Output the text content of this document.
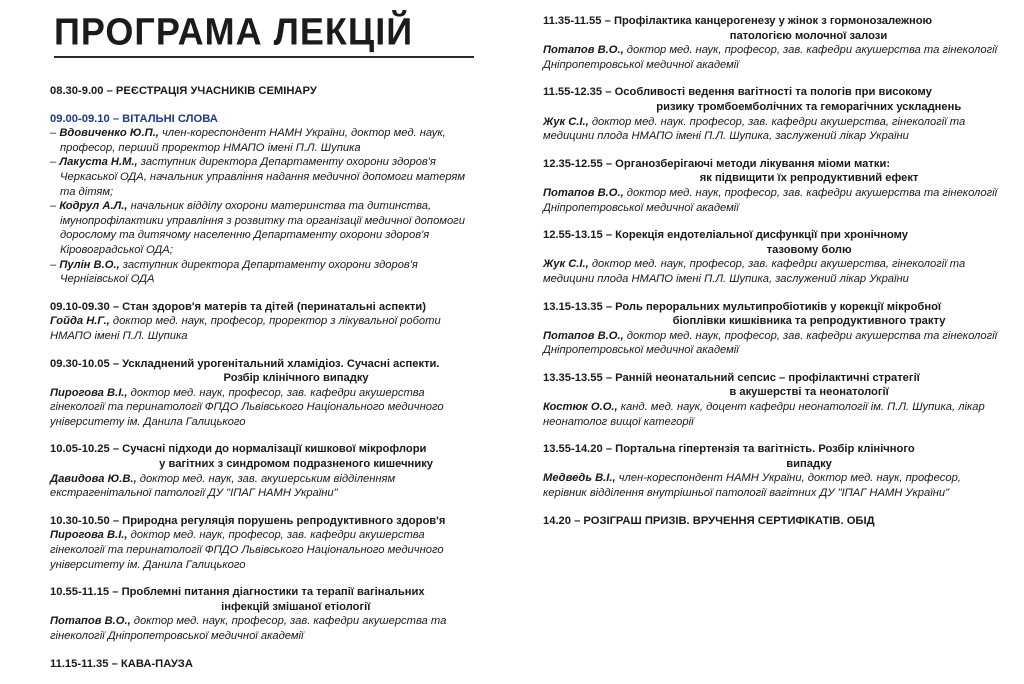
ПРОГРАМА ЛЕКЦІЙ
08.30-9.00 – РЕЄСТРАЦІЯ УЧАСНИКІВ СЕМІНАРУ
09.00-09.10 – ВІТАЛЬНІ СЛОВА
– Вдовиченко Ю.П., член-кореспондент НАМН України, доктор мед. наук, професор, перший проректор НМАПО імені П.Л. Шупика
– Лакуста Н.М., заступник директора Департаменту охорони здоров'я Черкаської ОДА, начальник управління надання медичної допомоги матерям та дітям;
– Кодрул А.Л., начальник відділу охорони материнства та дитинства, імунопрофілактики управління з розвитку та організації медичної допомоги дорослому та дитячому населенню Департаменту охорони здоров'я Кіровоградської ОДА;
– Пулін В.О., заступник директора Департаменту охорони здоров'я Чернігівської ОДА
09.10-09.30 – Стан здоров'я матерів та дітей (перинатальні аспекти)
Гойда Н.Г., доктор мед. наук, професор, проректор з лікувальної роботи НМАПО імені П.Л. Шупика
09.30-10.05 – Ускладнений урогенітальний хламідіоз. Сучасні аспекти.
Розбір клінічного випадку
Пирогова В.І., доктор мед. наук, професор, зав. кафедри акушерства гінекології та перинатології ФПДО Львівського Національного медичного університету ім. Данила Галицького
10.05-10.25 – Сучасні підходи до нормалізації кишкової мікрофлори
у вагітних з синдромом подразненого кишечнику
Давидова Ю.В., доктор мед. наук, зав. акушерським відділенням екстрагенітальної патології ДУ "ІПАГ НАМН України"
10.30-10.50 – Природна регуляція порушень репродуктивного здоров'я
Пирогова В.І., доктор мед. наук, професор, зав. кафедри акушерства гінекології та перинатології ФПДО Львівського Національного медичного університету ім. Данила Галицького
10.55-11.15 – Проблемні питання діагностики та терапії вагінальних
інфекцій змішаної етіології
Потапов В.О., доктор мед. наук, професор, зав. кафедри акушерства та гінекології Дніпропетровської медичної академії
11.15-11.35 – КАВА-ПАУЗА
11.35-11.55 – Профілактика канцерогенезу у жінок з гормонозалежною
патологією молочної залози
Потапов В.О., доктор мед. наук, професор, зав. кафедри акушерства та гінекології Дніпропетровської медичної академії
11.55-12.35 – Особливості ведення вагітності та пологів при високому
ризику тромбоемболічних та геморагічних ускладнень
Жук С.І., доктор мед. наук. професор, зав. кафедри акушерства, гінекології та медицини плода НМАПО імені П.Л. Шупика, заслужений лікар України
12.35-12.55 – Органозберігаючі методи лікування міоми матки:
як підвищити їх репродуктивний ефект
Потапов В.О., доктор мед. наук, професор, зав. кафедри акушерства та гінекології Дніпропетровської медичної академії
12.55-13.15 – Корекція ендотеліальної дисфункції при хронічному
тазовому болю
Жук С.І., доктор мед. наук, професор, зав. кафедри акушерства, гінекології та медицини плода НМАПО імені П.Л. Шупика, заслужений лікар України
13.15-13.35 – Роль перoральних мультипробіотиків у корекції мікробної
біоплівки кишківника та репродуктивного тракту
Потапов В.О., доктор мед. наук, професор, зав. кафедри акушерства та гінекології Дніпропетровської медичної академії
13.35-13.55 – Ранній неонатальний сепсис – профілактичні стратегії
в акушерстві та неонатології
Костюк О.О., канд. мед. наук, доцент кафедри неонатології ім. П.Л. Шупика, лікар неонатолог вищої категорії
13.55-14.20 – Портальна гіпертензія та вагітність. Розбір клінічного
випадку
Медведь В.І., член-кореспондент НАМН України, доктор мед. наук, професор, керівник відділення внутрішньої патології вагітних ДУ "ІПАГ НАМН України"
14.20 – РОЗІГРАШ ПРИЗІВ. ВРУЧЕННЯ СЕРТИФІКАТІВ. ОБІД
